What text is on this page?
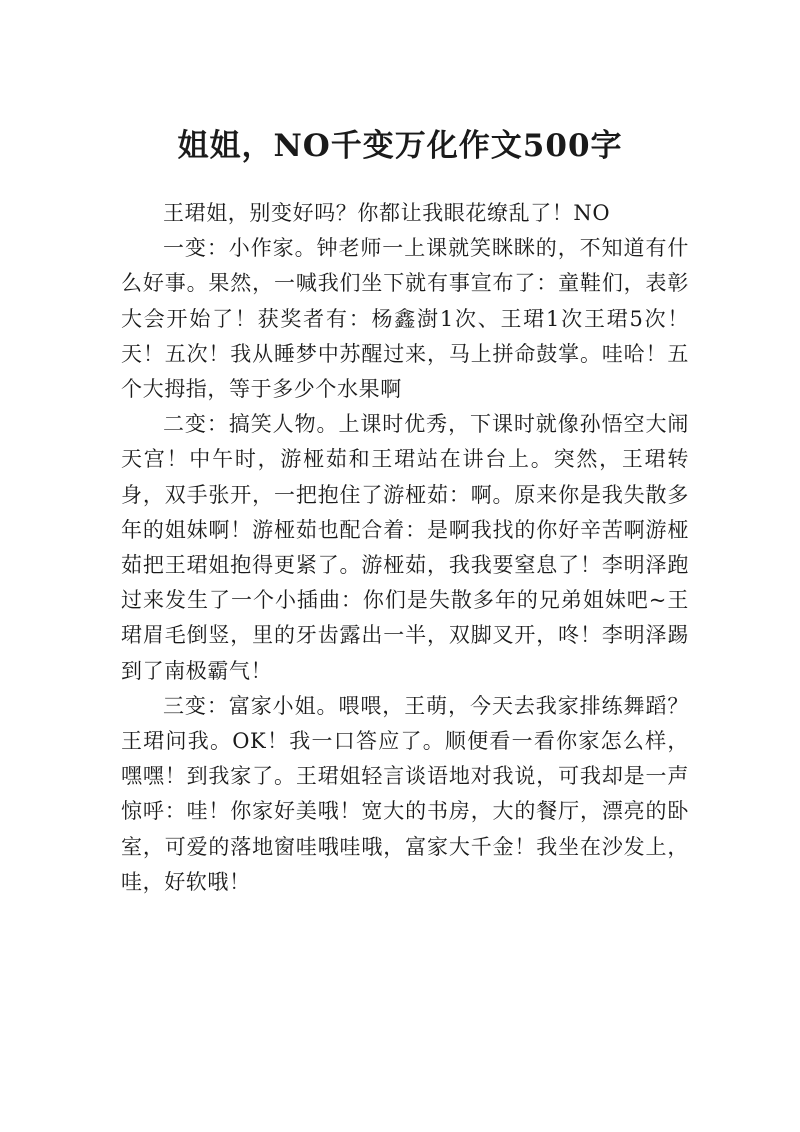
姐姐，NO千变万化作文500字

王珺姐，别变好吗？你都让我眼花缭乱了！NO

一变：小作家。钟老师一上课就笑眯眯的，不知道有什么好事。果然，一喊我们坐下就有事宣布了：童鞋们，表彰大会开始了！获奖者有：杨鑫澍1次、王珺1次王珺5次！天！五次！我从睡梦中苏醒过来，马上拼命鼓掌。哇哈！五个大拇指，等于多少个水果啊

二变：搞笑人物。上课时优秀，下课时就像孙悟空大闹天宫！中午时，游桠茹和王珺站在讲台上。突然，王珺转身，双手张开，一把抱住了游桠茹：啊。原来你是我失散多年的姐妹啊！游桠茹也配合着：是啊我找的你好辛苦啊游桠茹把王珺姐抱得更紧了。游桠茹，我我要窒息了！李明泽跑过来发生了一个小插曲：你们是失散多年的兄弟姐妹吧~王珺眉毛倒竖，里的牙齿露出一半，双脚叉开，咚！李明泽踢到了南极霸气！

三变：富家小姐。喂喂，王萌，今天去我家排练舞蹈？王珺问我。OK！我一口答应了。顺便看一看你家怎么样，嘿嘿！到我家了。王珺姐轻言谈语地对我说，可我却是一声惊呼：哇！你家好美哦！宽大的书房，大的餐厅，漂亮的卧室，可爱的落地窗哇哦哇哦，富家大千金！我坐在沙发上，哇，好软哦！
